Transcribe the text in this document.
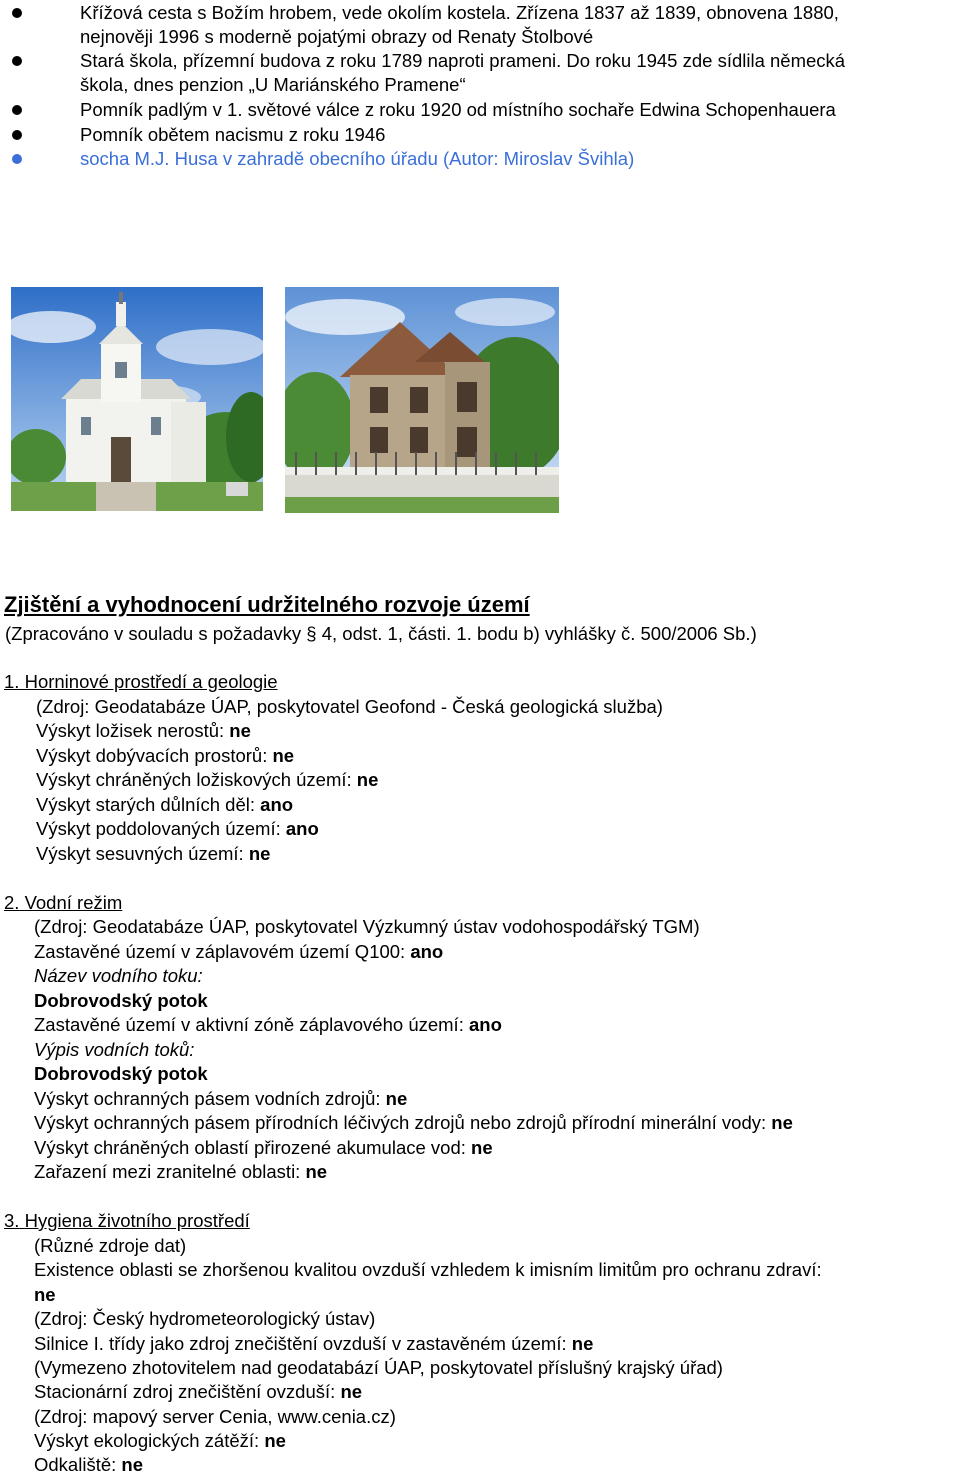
Křížová cesta s Božím hrobem, vede okolím kostela. Zřízena 1837 až 1839, obnovena 1880,
nejnověji 1996 s moderně pojatými obrazy od Renaty Štolbové
Stará škola, přízemní budova z roku 1789 naproti prameni. Do roku 1945 zde sídlila německá
škola, dnes penzion „U Mariánského Pramene“
Pomník padlým v 1. světové válce z roku 1920 od místního sochaře Edwina Schopenhauera
Pomník obětem nacismu z roku 1946
socha M.J. Husa v zahradě obecního úřadu (Autor: Miroslav Švihla)
Zjištění a vyhodnocení udržitelného rozvoje území
(Zpracováno v souladu s požadavky § 4, odst. 1, části. 1. bodu b) vyhlášky č. 500/2006 Sb.)
1. Horninové prostředí a geologie
(Zdroj: Geodatabáze ÚAP, poskytovatel Geofond - Česká geologická služba)
Výskyt ložisek nerostů: ne
Výskyt dobývacích prostorů: ne
Výskyt chráněných ložiskových území: ne
Výskyt starých důlních děl: ano
Výskyt poddolovaných území: ano
Výskyt sesuvných území: ne
2. Vodní režim
(Zdroj: Geodatabáze ÚAP, poskytovatel Výzkumný ústav vodohospodářský TGM)
Zastavěné území v záplavovém území Q100: ano
Název vodního toku:
Dobrovodský potok
Zastavěné území v aktivní zóně záplavového území: ano
Výpis vodních toků:
Dobrovodský potok
Výskyt ochranných pásem vodních zdrojů: ne
Výskyt ochranných pásem přírodních léčivých zdrojů nebo zdrojů přírodní minerální vody: ne
Výskyt chráněných oblastí přirozené akumulace vod: ne
Zařazení mezi zranitelné oblasti: ne
3. Hygiena životního prostředí
(Různé zdroje dat)
Existence oblasti se zhoršenou kvalitou ovzduší vzhledem k imisním limitům pro ochranu zdraví:
ne
(Zdroj: Český hydrometeorologický ústav)
Silnice I. třídy jako zdroj znečištění ovzduší v zastavěném území: ne
(Vymezeno zhotovitelem nad geodatabází ÚAP, poskytovatel příslušný krajský úřad)
Stacionární zdroj znečištění ovzduší: ne
(Zdroj: mapový server Cenia, www.cenia.cz)
Výskyt ekologických zátěží: ne
Odkaliště: ne
